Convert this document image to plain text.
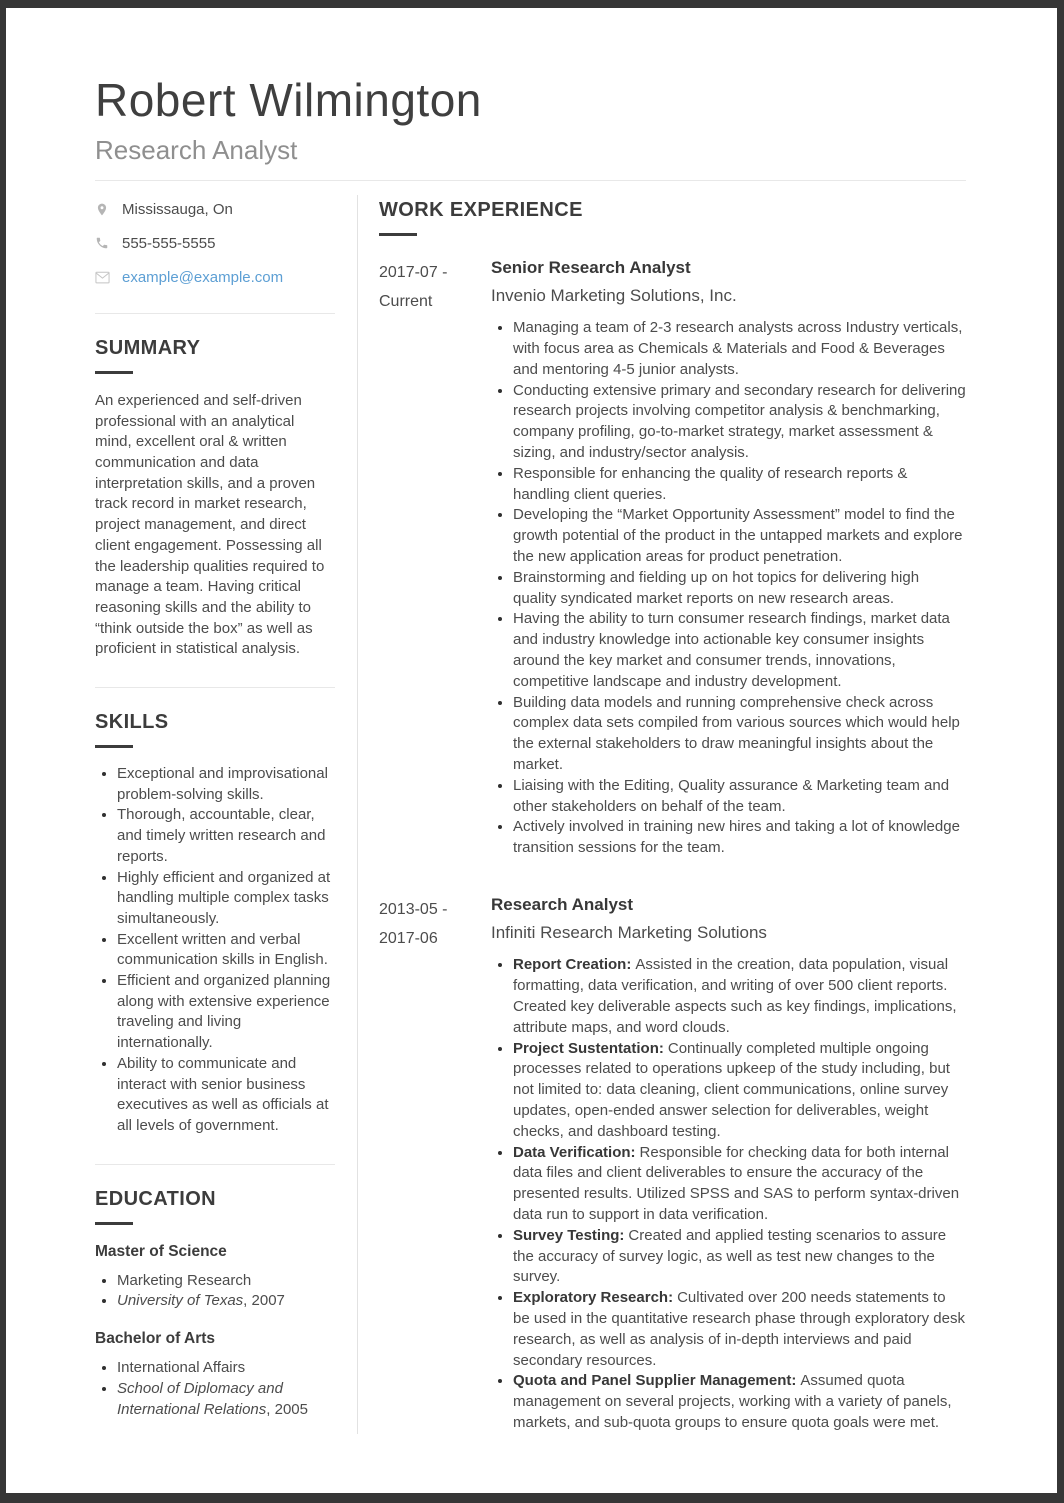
Robert Wilmington
Research Analyst
Mississauga, On
555-555-5555
example@example.com
SUMMARY

An experienced and self-driven professional with an analytical mind, excellent oral & written communication and data interpretation skills, and a proven track record in market research, project management, and direct client engagement. Possessing all the leadership qualities required to manage a team. Having critical reasoning skills and the ability to “think outside the box” as well as proficient in statistical analysis.

SKILLS
• Exceptional and improvisational problem-solving skills.
• Thorough, accountable, clear, and timely written research and reports.
• Highly efficient and organized at handling multiple complex tasks simultaneously.
• Excellent written and verbal communication skills in English.
• Efficient and organized planning along with extensive experience traveling and living internationally.
• Ability to communicate and interact with senior business executives as well as officials at all levels of government.
EDUCATION
Master of Science
• Marketing Research
• University of Texas, 2007
Bachelor of Arts
• International Affairs
• School of Diplomacy and International Relations, 2005
WORK EXPERIENCE
2017-07 -
Current
Senior Research Analyst
Invenio Marketing Solutions, Inc.
• Managing a team of 2-3 research analysts across Industry verticals, with focus area as Chemicals & Materials and Food & Beverages and mentoring 4-5 junior analysts.
• Conducting extensive primary and secondary research for delivering research projects involving competitor analysis & benchmarking, company profiling, go-to-market strategy, market assessment & sizing, and industry/sector analysis.
• Responsible for enhancing the quality of research reports & handling client queries.
• Developing the “Market Opportunity Assessment” model to find the growth potential of the product in the untapped markets and explore the new application areas for product penetration.
• Brainstorming and fielding up on hot topics for delivering high quality syndicated market reports on new research areas.
• Having the ability to turn consumer research findings, market data and industry knowledge into actionable key consumer insights around the key market and consumer trends, innovations, competitive landscape and industry development.
• Building data models and running comprehensive check across complex data sets compiled from various sources which would help the external stakeholders to draw meaningful insights about the market.
• Liaising with the Editing, Quality assurance & Marketing team and other stakeholders on behalf of the team.
• Actively involved in training new hires and taking a lot of knowledge transition sessions for the team.
2013-05 -
2017-06
Research Analyst
Infiniti Research Marketing Solutions
• Report Creation: Assisted in the creation, data population, visual formatting, data verification, and writing of over 500 client reports. Created key deliverable aspects such as key findings, implications, attribute maps, and word clouds.
• Project Sustentation: Continually completed multiple ongoing processes related to operations upkeep of the study including, but not limited to: data cleaning, client communications, online survey updates, open-ended answer selection for deliverables, weight checks, and dashboard testing.
• Data Verification: Responsible for checking data for both internal data files and client deliverables to ensure the accuracy of the presented results. Utilized SPSS and SAS to perform syntax-driven data run to support in data verification.
• Survey Testing: Created and applied testing scenarios to assure the accuracy of survey logic, as well as test new changes to the survey.
• Exploratory Research: Cultivated over 200 needs statements to be used in the quantitative research phase through exploratory desk research, as well as analysis of in-depth interviews and paid secondary resources.
• Quota and Panel Supplier Management: Assumed quota management on several projects, working with a variety of panels, markets, and sub-quota groups to ensure quota goals were met.
